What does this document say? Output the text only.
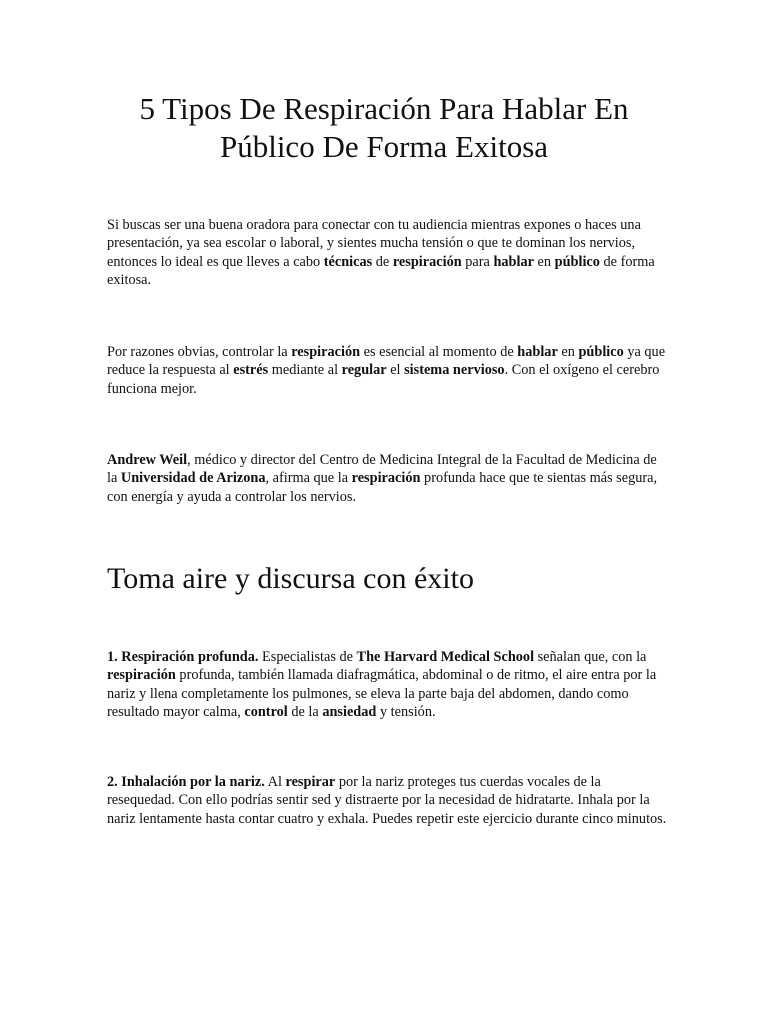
5 Tipos De Respiración Para Hablar En
Público De Forma Exitosa

Si buscas ser una buena oradora para conectar con tu audiencia mientras expones o haces una presentación, ya sea escolar o laboral, y sientes mucha tensión o que te dominan los nervios, entonces lo ideal es que lleves a cabo técnicas de respiración para hablar en público de forma exitosa.

Por razones obvias, controlar la respiración es esencial al momento de hablar en público ya que reduce la respuesta al estrés mediante al regular el sistema nervioso. Con el oxígeno el cerebro funciona mejor.

Andrew Weil, médico y director del Centro de Medicina Integral de la Facultad de Medicina de la Universidad de Arizona, afirma que la respiración profunda hace que te sientas más segura, con energía y ayuda a controlar los nervios.

Toma aire y discursa con éxito

1. Respiración profunda. Especialistas de The Harvard Medical School señalan que, con la respiración profunda, también llamada diafragmática, abdominal o de ritmo, el aire entra por la nariz y llena completamente los pulmones, se eleva la parte baja del abdomen, dando como resultado mayor calma, control de la ansiedad y tensión.

2. Inhalación por la nariz. Al respirar por la nariz proteges tus cuerdas vocales de la resequedad. Con ello podrías sentir sed y distraerte por la necesidad de hidratarte. Inhala por la nariz lentamente hasta contar cuatro y exhala. Puedes repetir este ejercicio durante cinco minutos.
